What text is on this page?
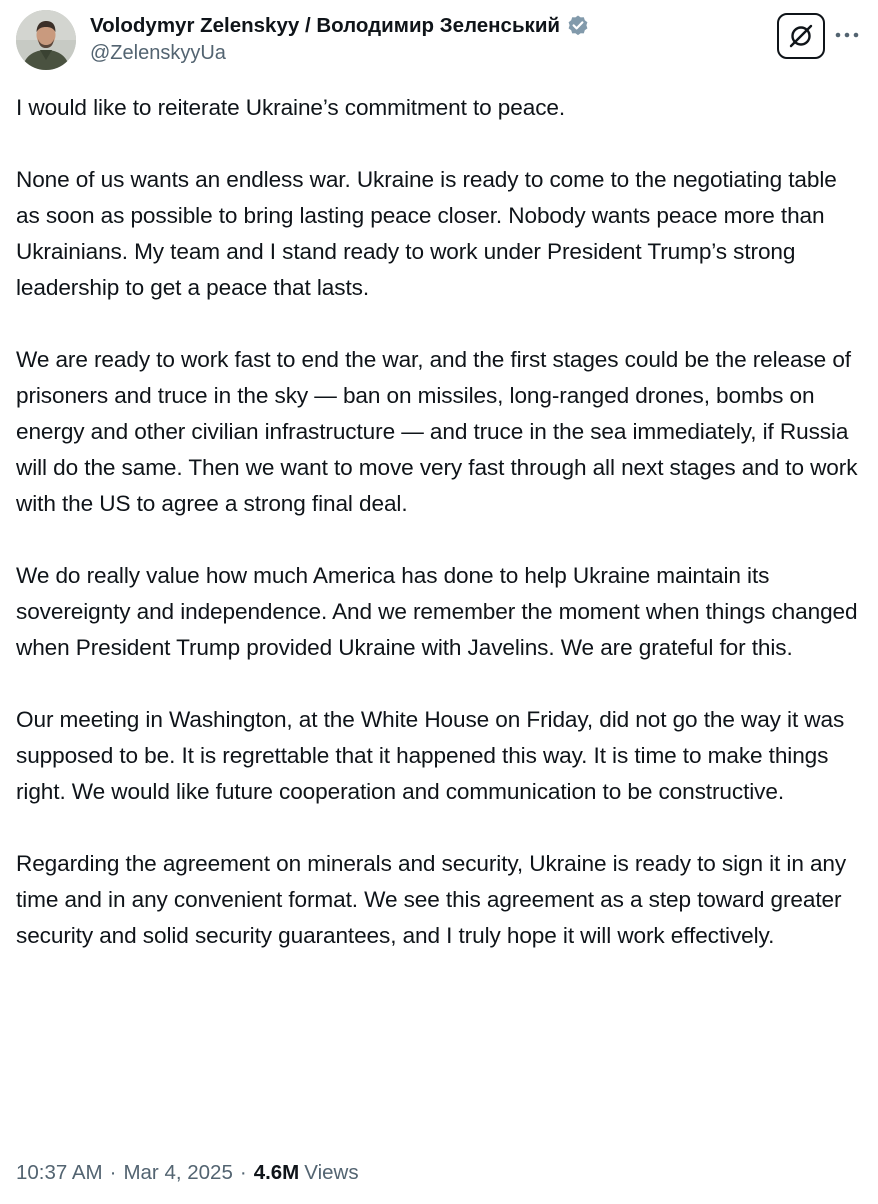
Volodymyr Zelenskyy / Володимир Зеленський
@ZelenskyyUa

I would like to reiterate Ukraine’s commitment to peace.

None of us wants an endless war. Ukraine is ready to come to the negotiating table as soon as possible to bring lasting peace closer. Nobody wants peace more than Ukrainians. My team and I stand ready to work under President Trump’s strong leadership to get a peace that lasts.

We are ready to work fast to end the war, and the first stages could be the release of prisoners and truce in the sky — ban on missiles, long-ranged drones, bombs on energy and other civilian infrastructure — and truce in the sea immediately, if Russia will do the same. Then we want to move very fast through all next stages and to work with the US to agree a strong final deal.

We do really value how much America has done to help Ukraine maintain its sovereignty and independence. And we remember the moment when things changed when President Trump provided Ukraine with Javelins. We are grateful for this.

Our meeting in Washington, at the White House on Friday, did not go the way it was supposed to be. It is regrettable that it happened this way. It is time to make things right. We would like future cooperation and communication to be constructive.

Regarding the agreement on minerals and security, Ukraine is ready to sign it in any time and in any convenient format. We see this agreement as a step toward greater security and solid security guarantees, and I truly hope it will work effectively.

10:37 AM · Mar 4, 2025 · 4.6M Views
